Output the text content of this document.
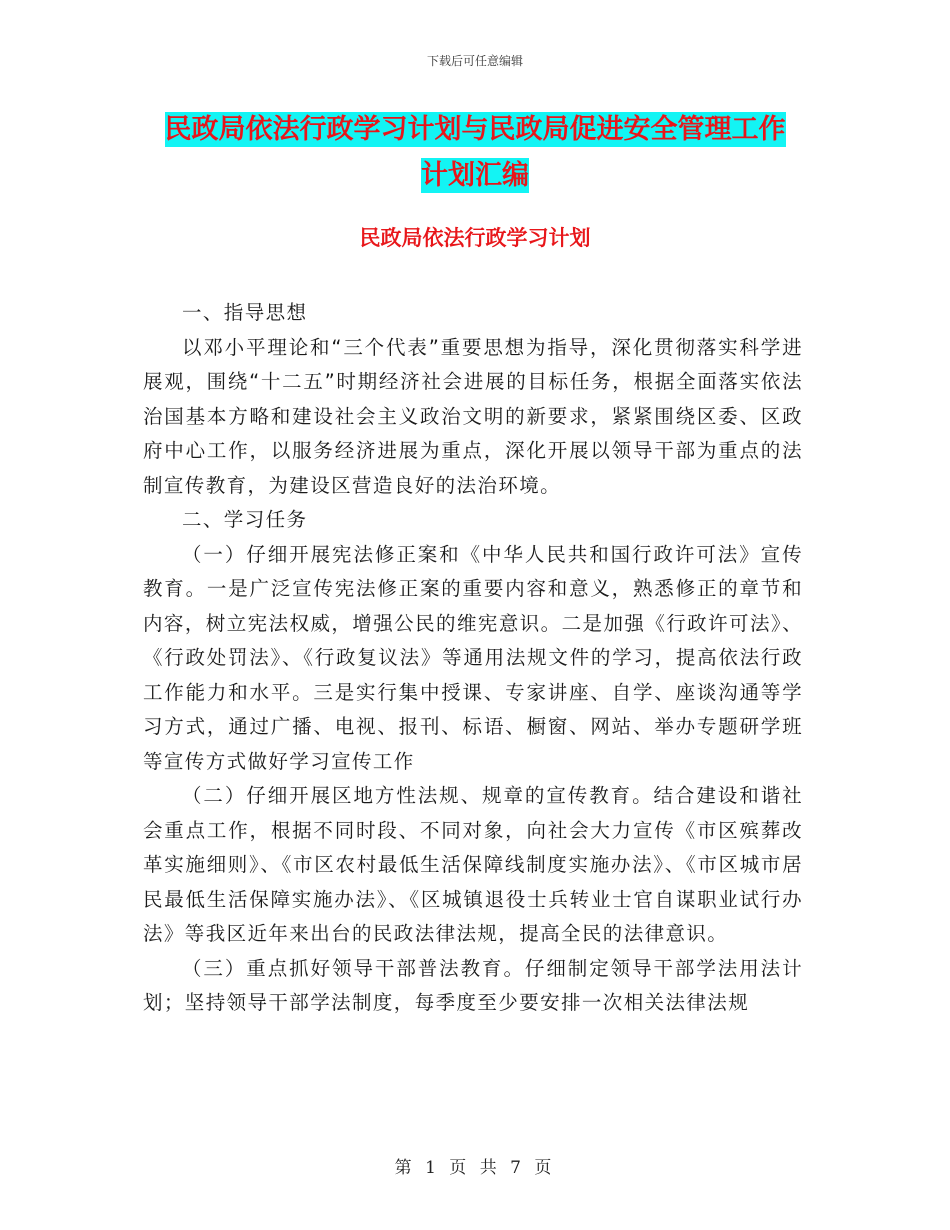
下载后可任意编辑
民政局依法行政学习计划与民政局促进安全管理工作
计划汇编
民政局依法行政学习计划

一、指导思想

以邓小平理论和“三个代表”重要思想为指导，深化贯彻落实科学进展观，围绕“十二五”时期经济社会进展的目标任务，根据全面落实依法治国基本方略和建设社会主义政治文明的新要求，紧紧围绕区委、区政府中心工作，以服务经济进展为重点，深化开展以领导干部为重点的法制宣传教育，为建设区营造良好的法治环境。

二、学习任务

（一）仔细开展宪法修正案和《中华人民共和国行政许可法》宣传教育。一是广泛宣传宪法修正案的重要内容和意义，熟悉修正的章节和内容，树立宪法权威，增强公民的维宪意识。二是加强《行政许可法》、《行政处罚法》、《行政复议法》等通用法规文件的学习，提高依法行政工作能力和水平。三是实行集中授课、专家讲座、自学、座谈沟通等学习方式，通过广播、电视、报刊、标语、橱窗、网站、举办专题研学班等宣传方式做好学习宣传工作

（二）仔细开展区地方性法规、规章的宣传教育。结合建设和谐社会重点工作，根据不同时段、不同对象，向社会大力宣传《市区殡葬改革实施细则》、《市区农村最低生活保障线制度实施办法》、《市区城市居民最低生活保障实施办法》、《区城镇退役士兵转业士官自谋职业试行办法》等我区近年来出台的民政法律法规，提高全民的法律意识。

（三）重点抓好领导干部普法教育。仔细制定领导干部学法用法计划；坚持领导干部学法制度，每季度至少要安排一次相关法律法规

第 1 页 共 7 页
